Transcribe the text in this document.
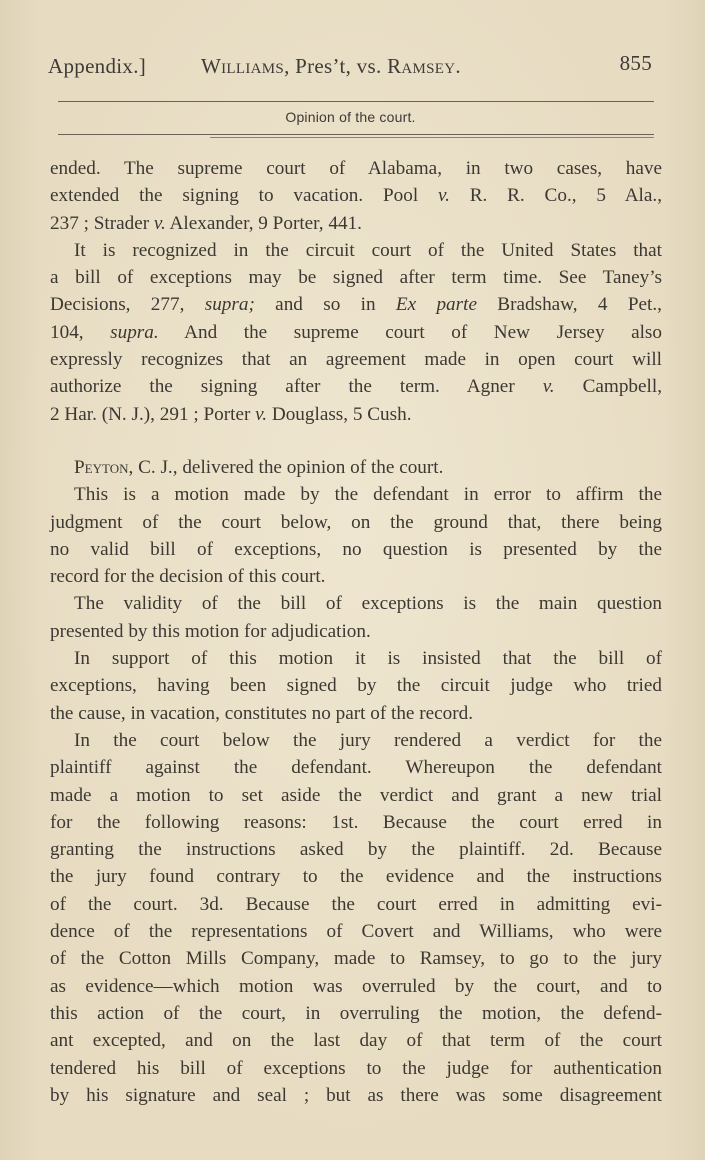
Appendix.]	Williams, Pres’t, vs. Ramsey.	855
Opinion of the court.

ended. The supreme court of Alabama, in two cases, have
extended the signing to vacation. Pool v. R. R. Co., 5 Ala.,
237 ; Strader v. Alexander, 9 Porter, 441.

It is recognized in the circuit court of the United States that
a bill of exceptions may be signed after term time. See Taney’s
Decisions, 277, supra; and so in Ex parte Bradshaw, 4 Pet.,
104, supra. And the supreme court of New Jersey also
expressly recognizes that an agreement made in open court will
authorize the signing after the term. Agner v. Campbell,
2 Har. (N. J.), 291 ; Porter v. Douglass, 5 Cush.

Peyton, C. J., delivered the opinion of the court.

This is a motion made by the defendant in error to affirm the
judgment of the court below, on the ground that, there being
no valid bill of exceptions, no question is presented by the
record for the decision of this court.

The validity of the bill of exceptions is the main question
presented by this motion for adjudication.

In support of this motion it is insisted that the bill of
exceptions, having been signed by the circuit judge who tried
the cause, in vacation, constitutes no part of the record.

In the court below the jury rendered a verdict for the
plaintiff against the defendant. Whereupon the defendant
made a motion to set aside the verdict and grant a new trial
for the following reasons: 1st. Because the court erred in
granting the instructions asked by the plaintiff. 2d. Because
the jury found contrary to the evidence and the instructions
of the court. 3d. Because the court erred in admitting evi-
dence of the representations of Covert and Williams, who were
of the Cotton Mills Company, made to Ramsey, to go to the jury
as evidence—which motion was overruled by the court, and to
this action of the court, in overruling the motion, the defend-
ant excepted, and on the last day of that term of the court
tendered his bill of exceptions to the judge for authentication
by his signature and seal ; but as there was some disagreement
